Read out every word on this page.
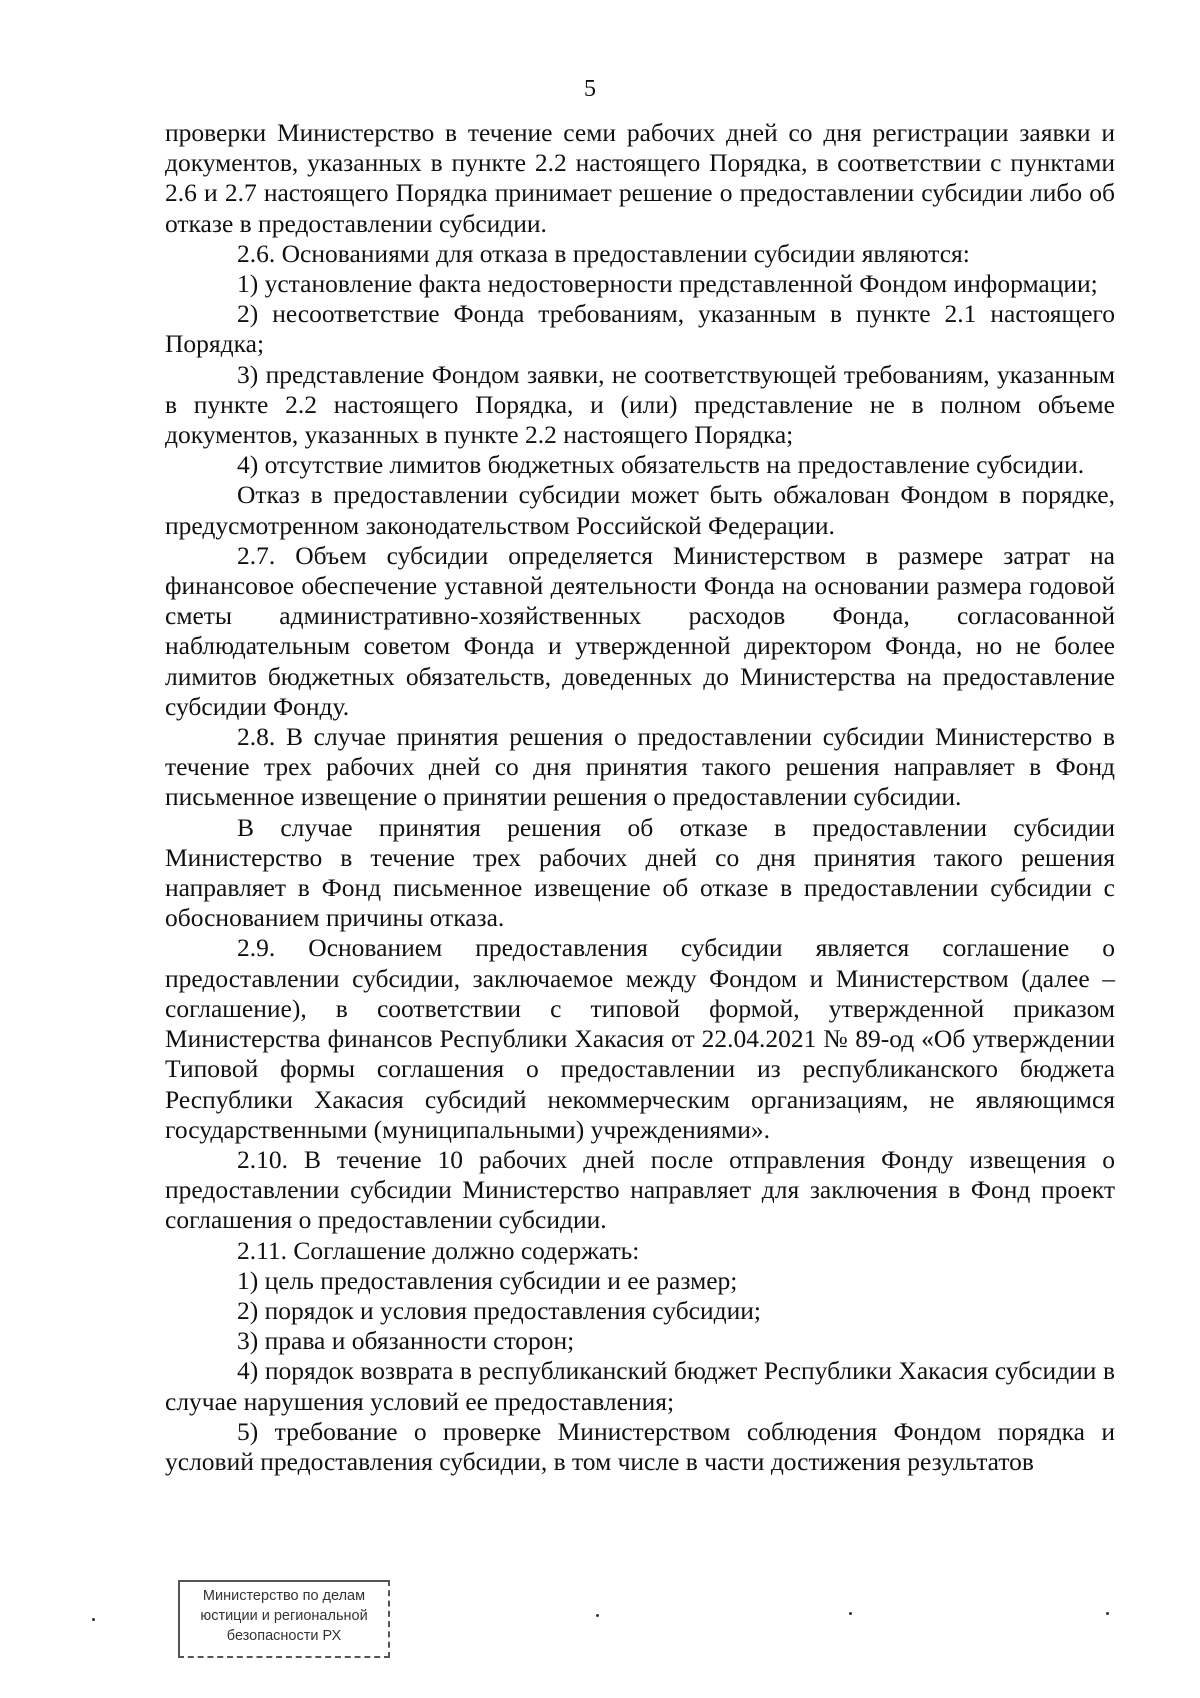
5

проверки Министерство в течение семи рабочих дней со дня регистрации заявки и документов, указанных в пункте 2.2 настоящего Порядка, в соответствии с пунктами 2.6 и 2.7 настоящего Порядка принимает решение о предоставлении субсидии либо об отказе в предоставлении субсидии.

2.6. Основаниями для отказа в предоставлении субсидии являются:

1) установление факта недостоверности представленной Фондом информации;

2) несоответствие Фонда требованиям, указанным в пункте 2.1 настоящего Порядка;

3) представление Фондом заявки, не соответствующей требованиям, указанным в пункте 2.2 настоящего Порядка, и (или) представление не в полном объеме документов, указанных в пункте 2.2 настоящего Порядка;

4) отсутствие лимитов бюджетных обязательств на предоставление субсидии.

Отказ в предоставлении субсидии может быть обжалован Фондом в порядке, предусмотренном законодательством Российской Федерации.

2.7. Объем субсидии определяется Министерством в размере затрат на финансовое обеспечение уставной деятельности Фонда на основании размера годовой сметы административно-хозяйственных расходов Фонда, согласованной наблюдательным советом Фонда и утвержденной директором Фонда, но не более лимитов бюджетных обязательств, доведенных до Министерства на предоставление субсидии Фонду.

2.8. В случае принятия решения о предоставлении субсидии Министерство в течение трех рабочих дней со дня принятия такого решения направляет в Фонд письменное извещение о принятии решения о предоставлении субсидии.

В случае принятия решения об отказе в предоставлении субсидии Министерство в течение трех рабочих дней со дня принятия такого решения направляет в Фонд письменное извещение об отказе в предоставлении субсидии с обоснованием причины отказа.

2.9. Основанием предоставления субсидии является соглашение о предоставлении субсидии, заключаемое между Фондом и Министерством (далее – соглашение), в соответствии с типовой формой, утвержденной приказом Министерства финансов Республики Хакасия от 22.04.2021 № 89-од «Об утверждении Типовой формы соглашения о предоставлении из республиканского бюджета Республики Хакасия субсидий некоммерческим организациям, не являющимся государственными (муниципальными) учреждениями».

2.10. В течение 10 рабочих дней после отправления Фонду извещения о предоставлении субсидии Министерство направляет для заключения в Фонд проект соглашения о предоставлении субсидии.

2.11. Соглашение должно содержать:

1) цель предоставления субсидии и ее размер;

2) порядок и условия предоставления субсидии;

3) права и обязанности сторон;

4) порядок возврата в республиканский бюджет Республики Хакасия субсидии в случае нарушения условий ее предоставления;

5) требование о проверке Министерством соблюдения Фондом порядка и условий предоставления субсидии, в том числе в части достижения результатов

Министерство по делам
юстиции и региональной
безопасности РХ
